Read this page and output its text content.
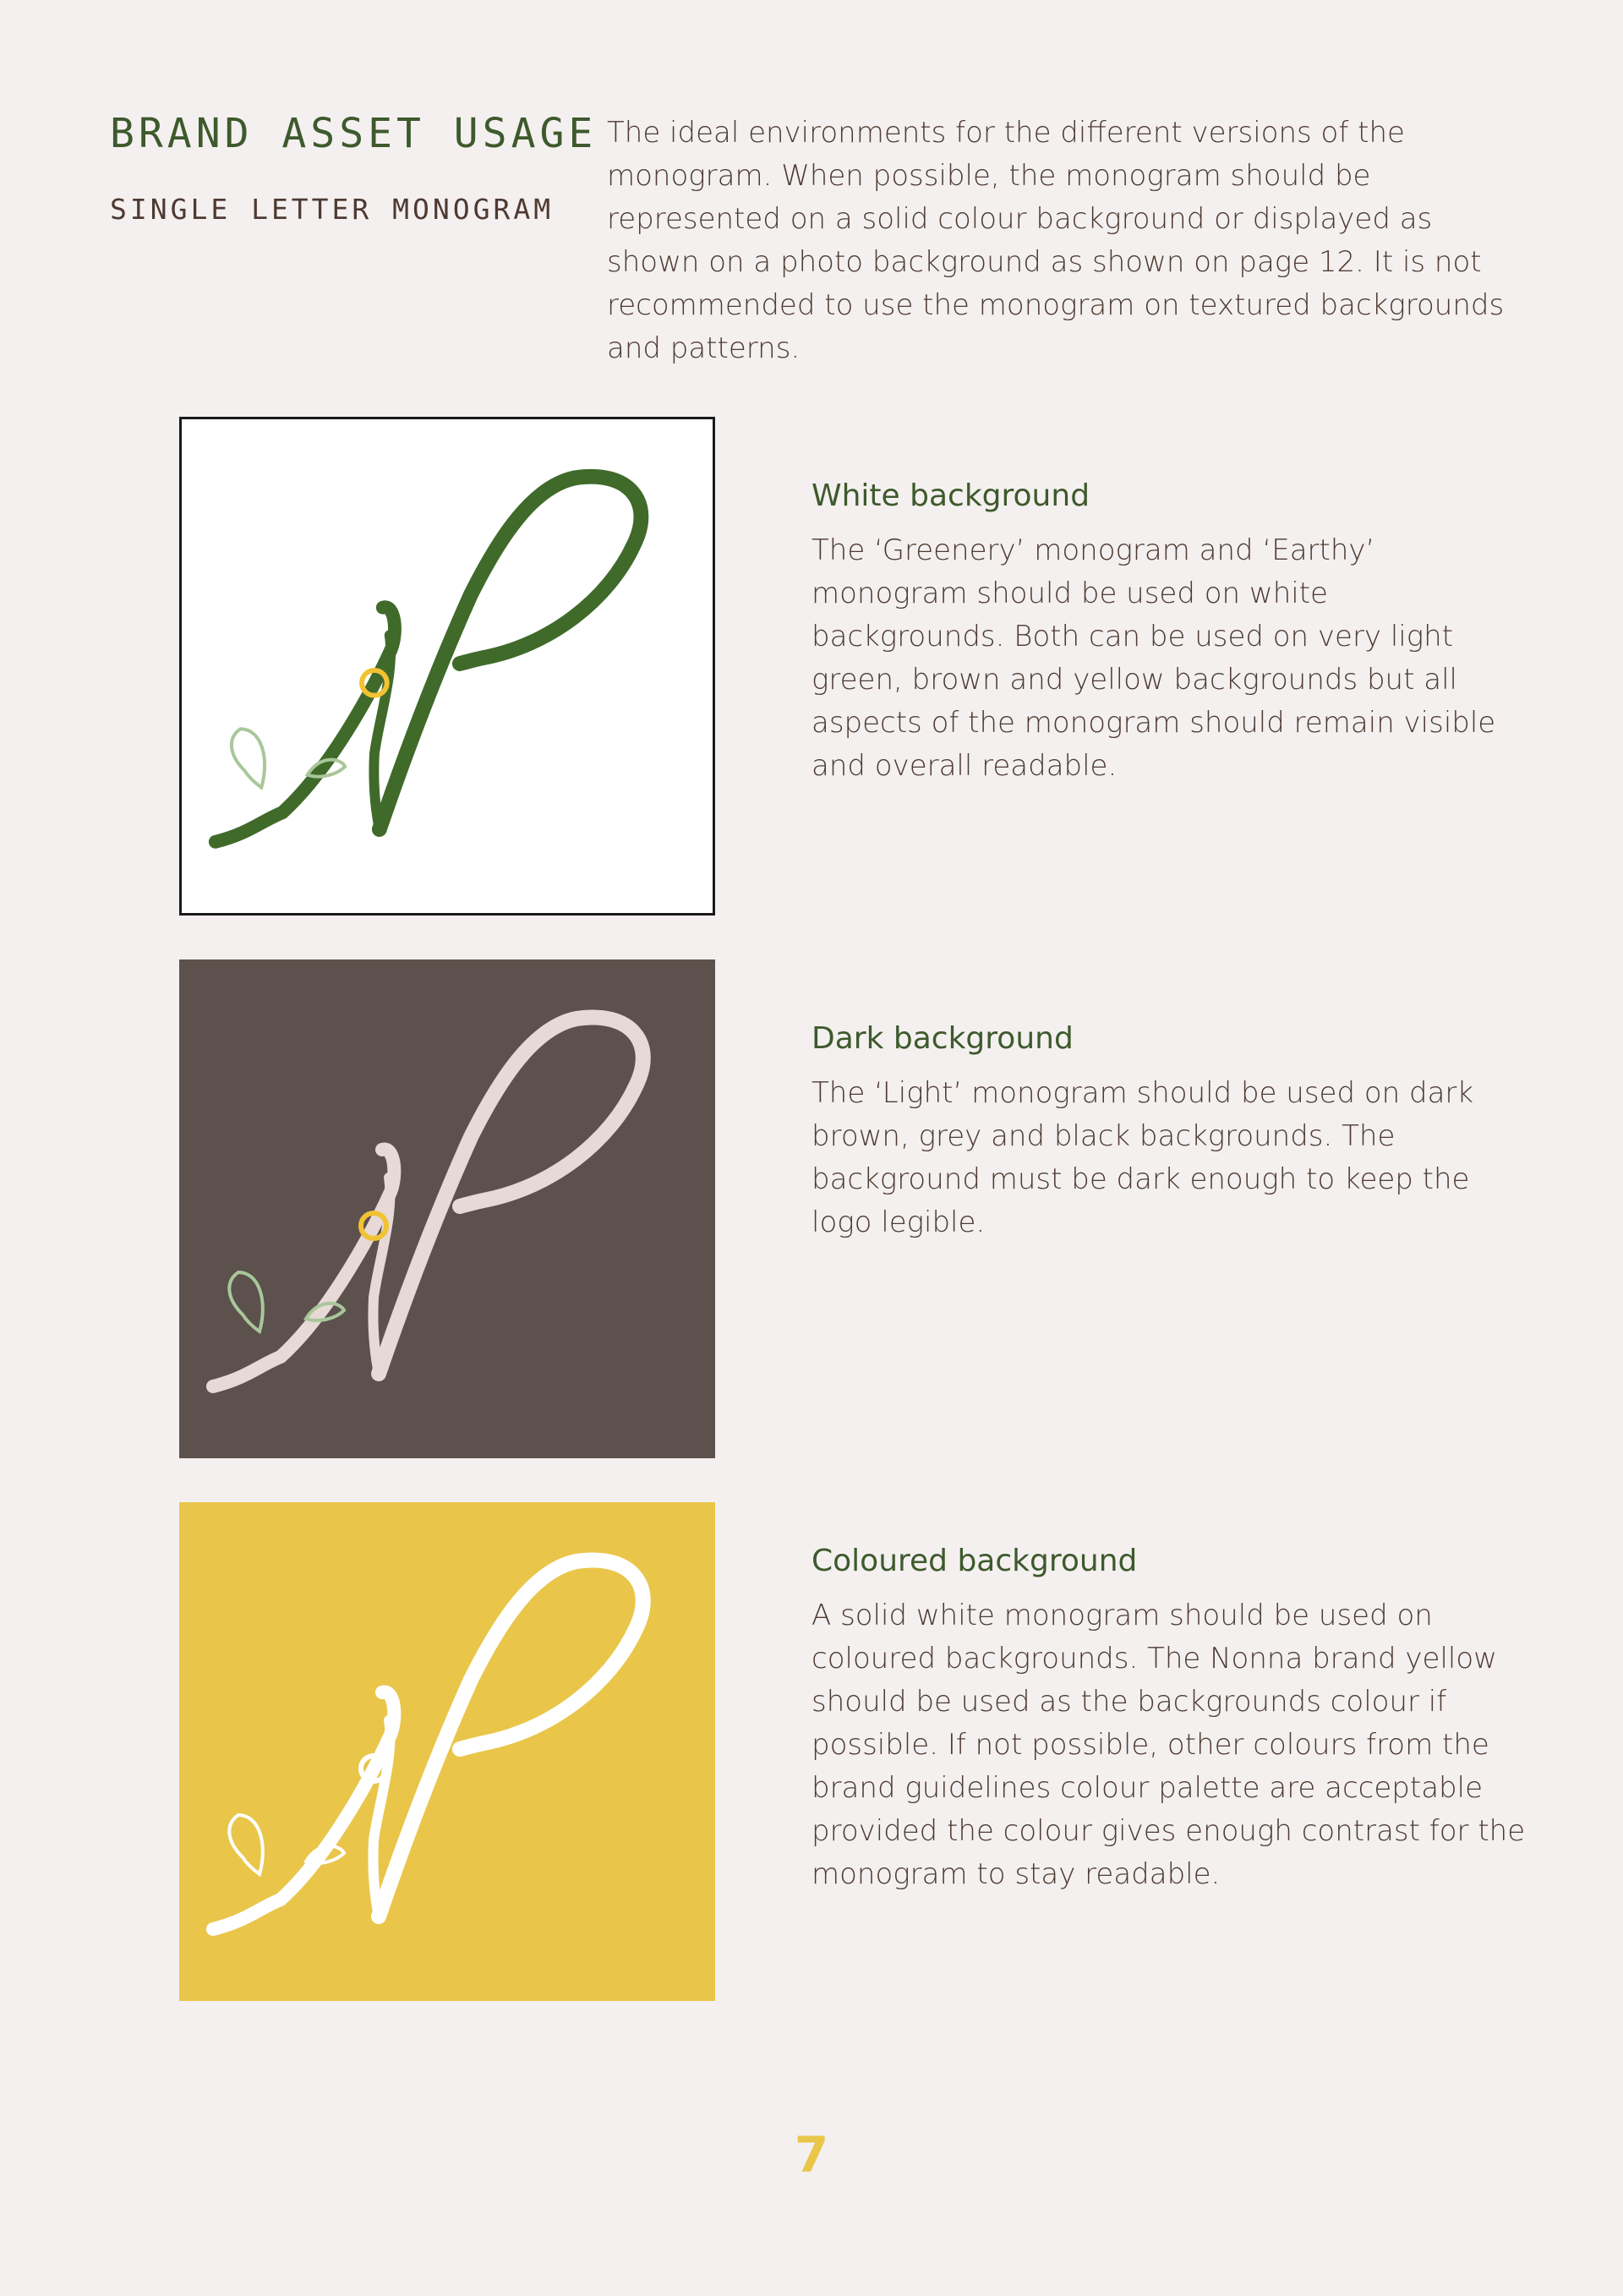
BRAND ASSET USAGE
SINGLE LETTER MONOGRAM

The ideal environments for the different versions of the monogram. When possible, the monogram should be represented on a solid colour background or displayed as shown on a photo background as shown on page 12. It is not recommended to use the monogram on textured backgrounds and patterns.

White background

The ‘Greenery’ monogram and ‘Earthy’ monogram should be used on white backgrounds. Both can be used on very light green, brown and yellow backgrounds but all aspects of the monogram should remain visible and overall readable.

Dark background

The ‘Light’ monogram should be used on dark brown, grey and black backgrounds. The background must be dark enough to keep the logo legible.

Coloured background

A solid white monogram should be used on coloured backgrounds. The Nonna brand yellow should be used as the backgrounds colour if possible. If not possible, other colours from the brand guidelines colour palette are acceptable provided the colour gives enough contrast for the monogram to stay readable.

7
